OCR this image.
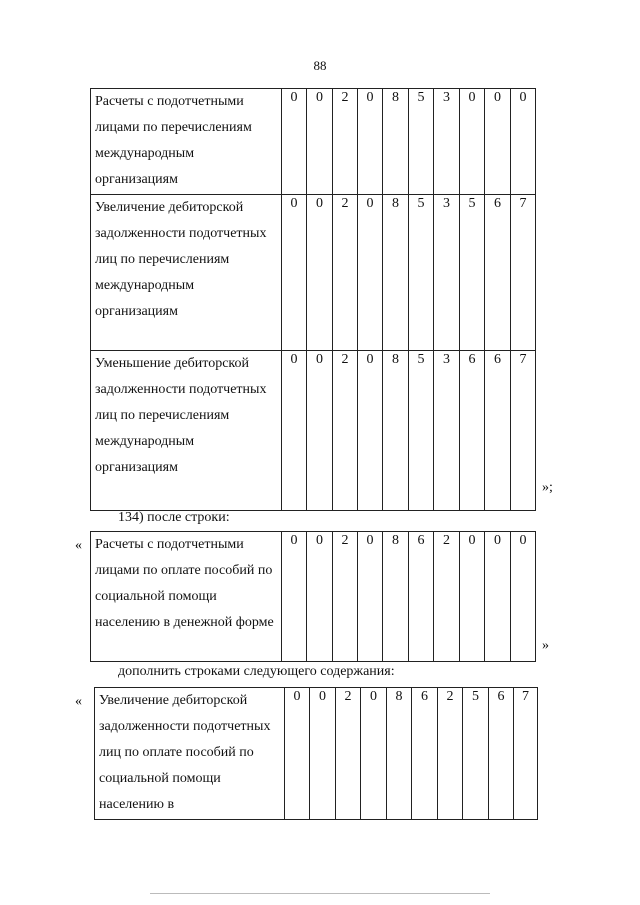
88
Расчеты с подотчетными лицами по перечислениям международным организациям	0	0	2	0	8	5	3	0	0	0
Увеличение дебиторской задолженности подотчетных лиц по перечислениям международным организациям	0	0	2	0	8	5	3	5	6	7
Уменьшение дебиторской задолженности подотчетных лиц по перечислениям международным организациям	0	0	2	0	8	5	3	6	6	7
»;
134) после строки:
« Расчеты с подотчетными лицами по оплате пособий по социальной помощи населению в денежной форме	0	0	2	0	8	6	2	0	0	0
»
дополнить строками следующего содержания:
« Увеличение дебиторской задолженности подотчетных лиц по оплате пособий по социальной помощи населению в	0	0	2	0	8	6	2	5	6	7
